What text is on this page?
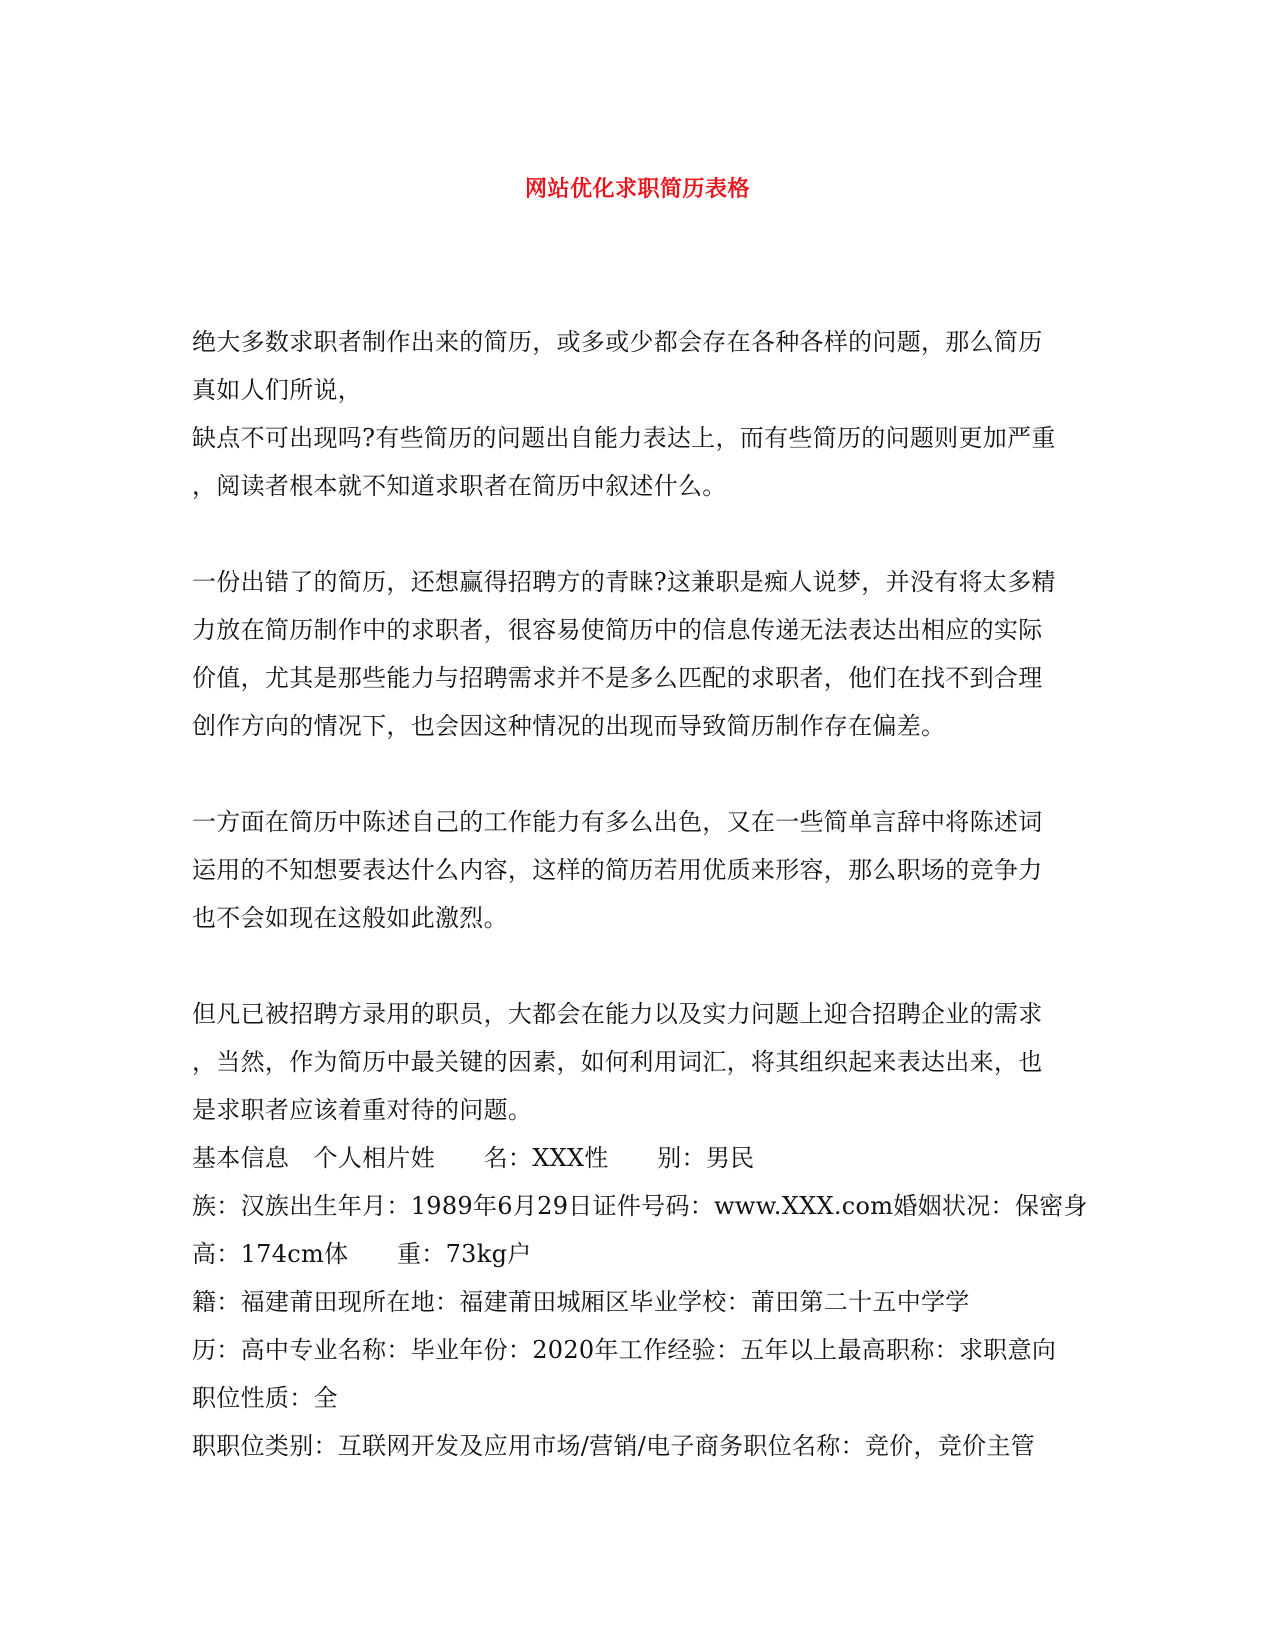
网站优化求职简历表格
绝大多数求职者制作出来的简历，或多或少都会存在各种各样的问题，那么简历
真如人们所说，
缺点不可出现吗?有些简历的问题出自能力表达上，而有些简历的问题则更加严重
，阅读者根本就不知道求职者在简历中叙述什么。
一份出错了的简历，还想赢得招聘方的青睐?这兼职是痴人说梦，并没有将太多精
力放在简历制作中的求职者，很容易使简历中的信息传递无法表达出相应的实际
价值，尤其是那些能力与招聘需求并不是多么匹配的求职者，他们在找不到合理
创作方向的情况下，也会因这种情况的出现而导致简历制作存在偏差。
一方面在简历中陈述自己的工作能力有多么出色，又在一些简单言辞中将陈述词
运用的不知想要表达什么内容，这样的简历若用优质来形容，那么职场的竞争力
也不会如现在这般如此激烈。
但凡已被招聘方录用的职员，大都会在能力以及实力问题上迎合招聘企业的需求
，当然，作为简历中最关键的因素，如何利用词汇，将其组织起来表达出来，也
是求职者应该着重对待的问题。
基本信息　个人相片姓　　名：XXX性　　别：男民
族：汉族出生年月：1989年6月29日证件号码：www.XXX.com婚姻状况：保密身
高：174cm体　　重：73kg户
籍：福建莆田现所在地：福建莆田城厢区毕业学校：莆田第二十五中学学
历：高中专业名称：毕业年份：2020年工作经验：五年以上最高职称：求职意向
职位性质：全
职职位类别：互联网开发及应用市场/营销/电子商务职位名称：竞价，竞价主管
